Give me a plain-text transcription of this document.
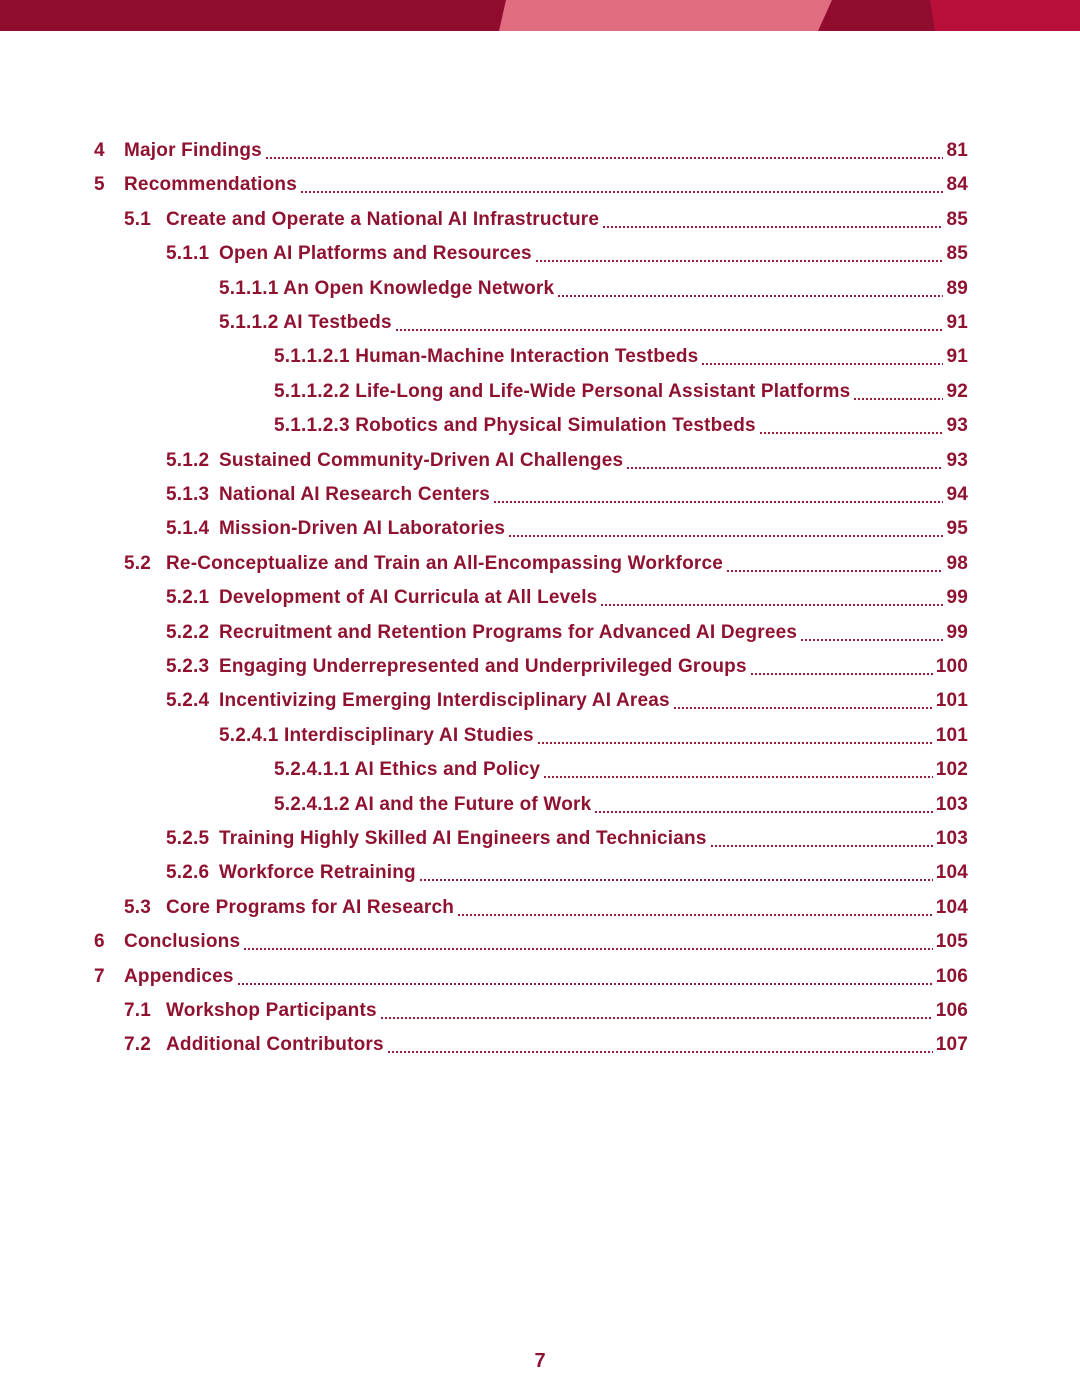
4	Major Findings	81
5	Recommendations	84
5.1 Create and Operate a National AI Infrastructure	85
5.1.1 Open AI Platforms and Resources	85
5.1.1.1 An Open Knowledge Network	89
5.1.1.2 AI Testbeds	91
5.1.1.2.1 Human-Machine Interaction Testbeds	91
5.1.1.2.2 Life-Long and Life-Wide Personal Assistant Platforms	92
5.1.1.2.3 Robotics and Physical Simulation Testbeds	93
5.1.2 Sustained Community-Driven AI Challenges	93
5.1.3 National AI Research Centers	94
5.1.4 Mission-Driven AI Laboratories	95
5.2 Re-Conceptualize and Train an All-Encompassing Workforce	98
5.2.1 Development of AI Curricula at All Levels	99
5.2.2 Recruitment and Retention Programs for Advanced AI Degrees	99
5.2.3 Engaging Underrepresented and Underprivileged Groups	100
5.2.4 Incentivizing Emerging Interdisciplinary AI Areas	101
5.2.4.1 Interdisciplinary AI Studies	101
5.2.4.1.1 AI Ethics and Policy	102
5.2.4.1.2 AI and the Future of Work	103
5.2.5 Training Highly Skilled AI Engineers and Technicians	103
5.2.6 Workforce Retraining	104
5.3 Core Programs for AI Research	104
6	Conclusions	105
7	Appendices	106
7.1 Workshop Participants	106
7.2 Additional Contributors	107
7
